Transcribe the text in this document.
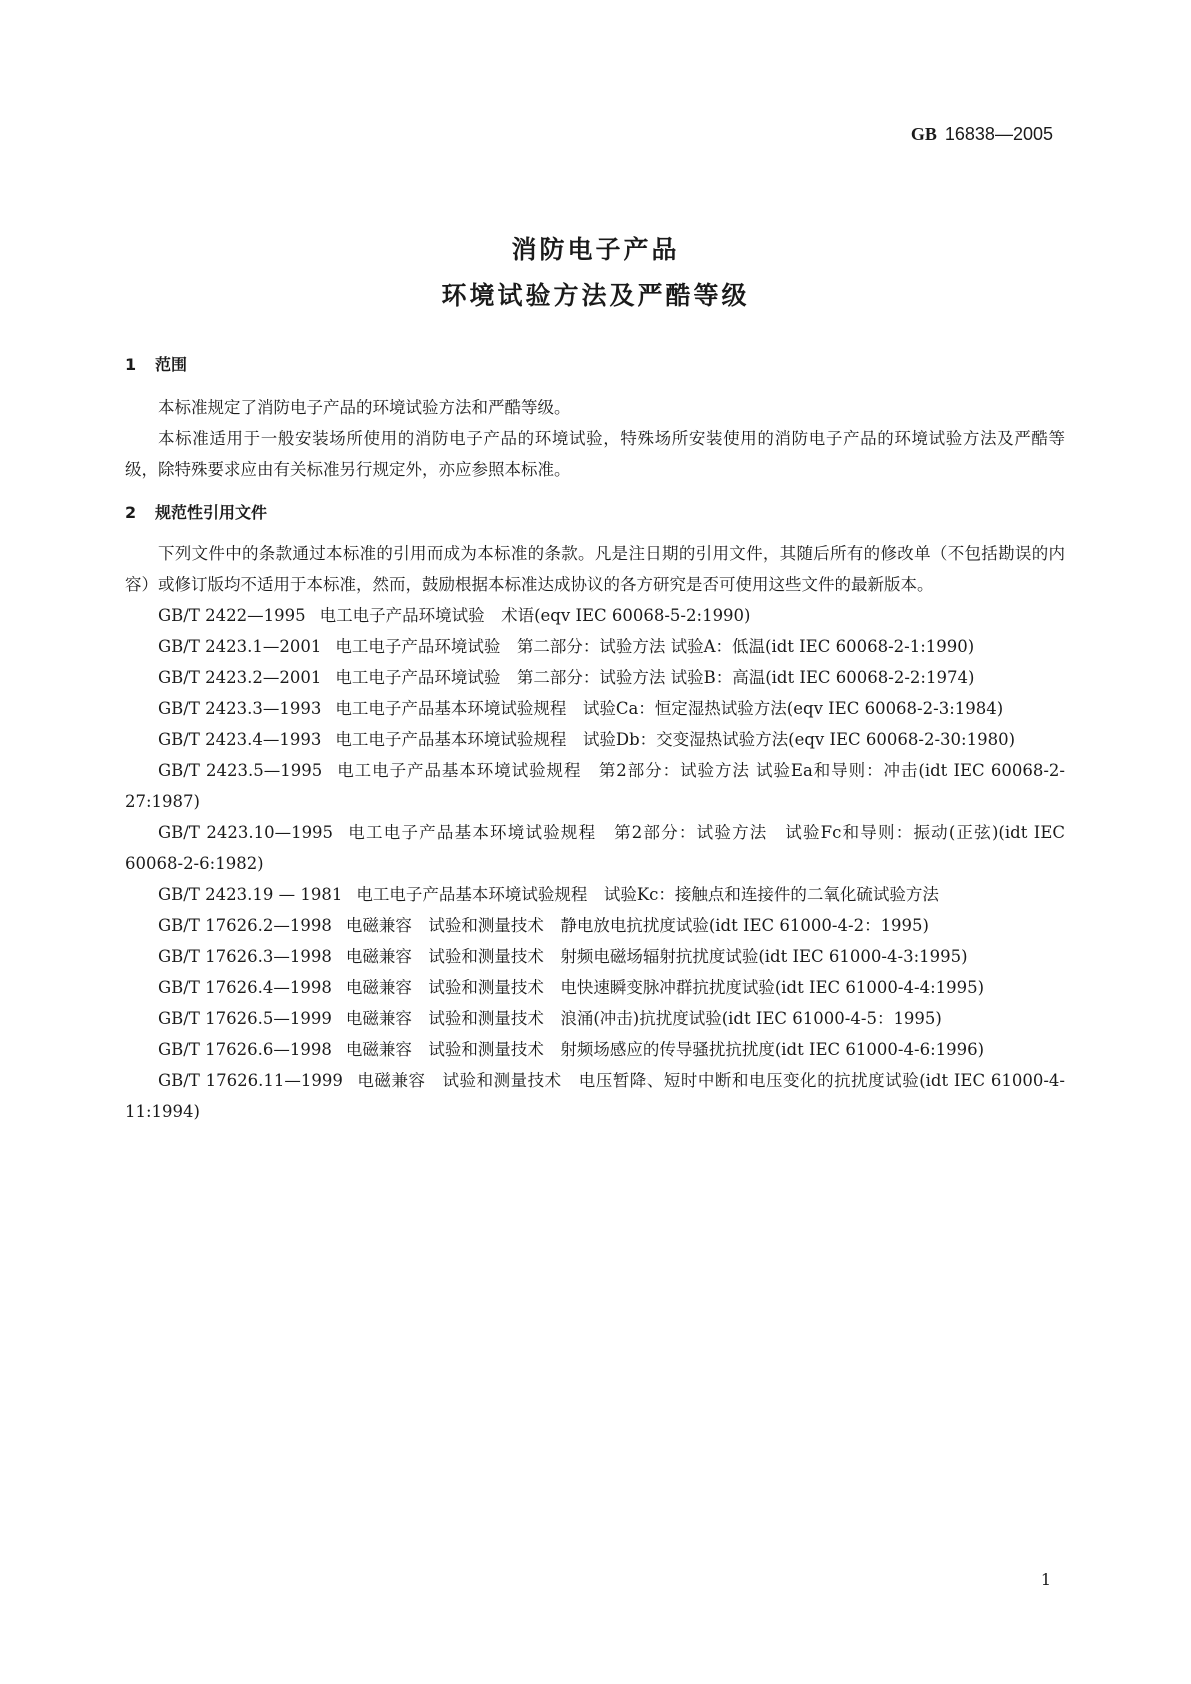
GB 16838—2005
消防电子产品
环境试验方法及严酷等级
1 范围

本标准规定了消防电子产品的环境试验方法和严酷等级。

本标准适用于一般安装场所使用的消防电子产品的环境试验，特殊场所安装使用的消防电子产品的环境试验方法及严酷等级，除特殊要求应由有关标准另行规定外，亦应参照本标准。

2 规范性引用文件

下列文件中的条款通过本标准的引用而成为本标准的条款。凡是注日期的引用文件，其随后所有的修改单（不包括勘误的内容）或修订版均不适用于本标准，然而，鼓励根据本标准达成协议的各方研究是否可使用这些文件的最新版本。

GB/T 2422—1995 电工电子产品环境试验　术语(eqv IEC 60068-5-2:1990)

GB/T 2423.1—2001 电工电子产品环境试验　第二部分：试验方法 试验A：低温(idt IEC 60068-2-1:1990)

GB/T 2423.2—2001 电工电子产品环境试验　第二部分：试验方法 试验B：高温(idt IEC 60068-2-2:1974)

GB/T 2423.3—1993 电工电子产品基本环境试验规程　试验Ca：恒定湿热试验方法(eqv IEC 60068-2-3:1984)

GB/T 2423.4—1993 电工电子产品基本环境试验规程　试验Db：交变湿热试验方法(eqv IEC 60068-2-30:1980)

GB/T 2423.5—1995 电工电子产品基本环境试验规程　第2部分：试验方法 试验Ea和导则：冲击(idt IEC 60068-2-27:1987)

GB/T 2423.10—1995 电工电子产品基本环境试验规程　第2部分：试验方法　试验Fc和导则：振动(正弦)(idt IEC 60068-2-6:1982)

GB/T 2423.19 — 1981 电工电子产品基本环境试验规程　试验Kc：接触点和连接件的二氧化硫试验方法

GB/T 17626.2—1998 电磁兼容　试验和测量技术　静电放电抗扰度试验(idt IEC 61000-4-2：1995)

GB/T 17626.3—1998 电磁兼容　试验和测量技术　射频电磁场辐射抗扰度试验(idt IEC 61000-4-3:1995)

GB/T 17626.4—1998 电磁兼容　试验和测量技术　电快速瞬变脉冲群抗扰度试验(idt IEC 61000-4-4:1995)

GB/T 17626.5—1999 电磁兼容　试验和测量技术　浪涌(冲击)抗扰度试验(idt IEC 61000-4-5：1995)

GB/T 17626.6—1998 电磁兼容　试验和测量技术　射频场感应的传导骚扰抗扰度(idt IEC 61000-4-6:1996)

GB/T 17626.11—1999 电磁兼容　试验和测量技术　电压暂降、短时中断和电压变化的抗扰度试验(idt IEC 61000-4-11:1994)

1
